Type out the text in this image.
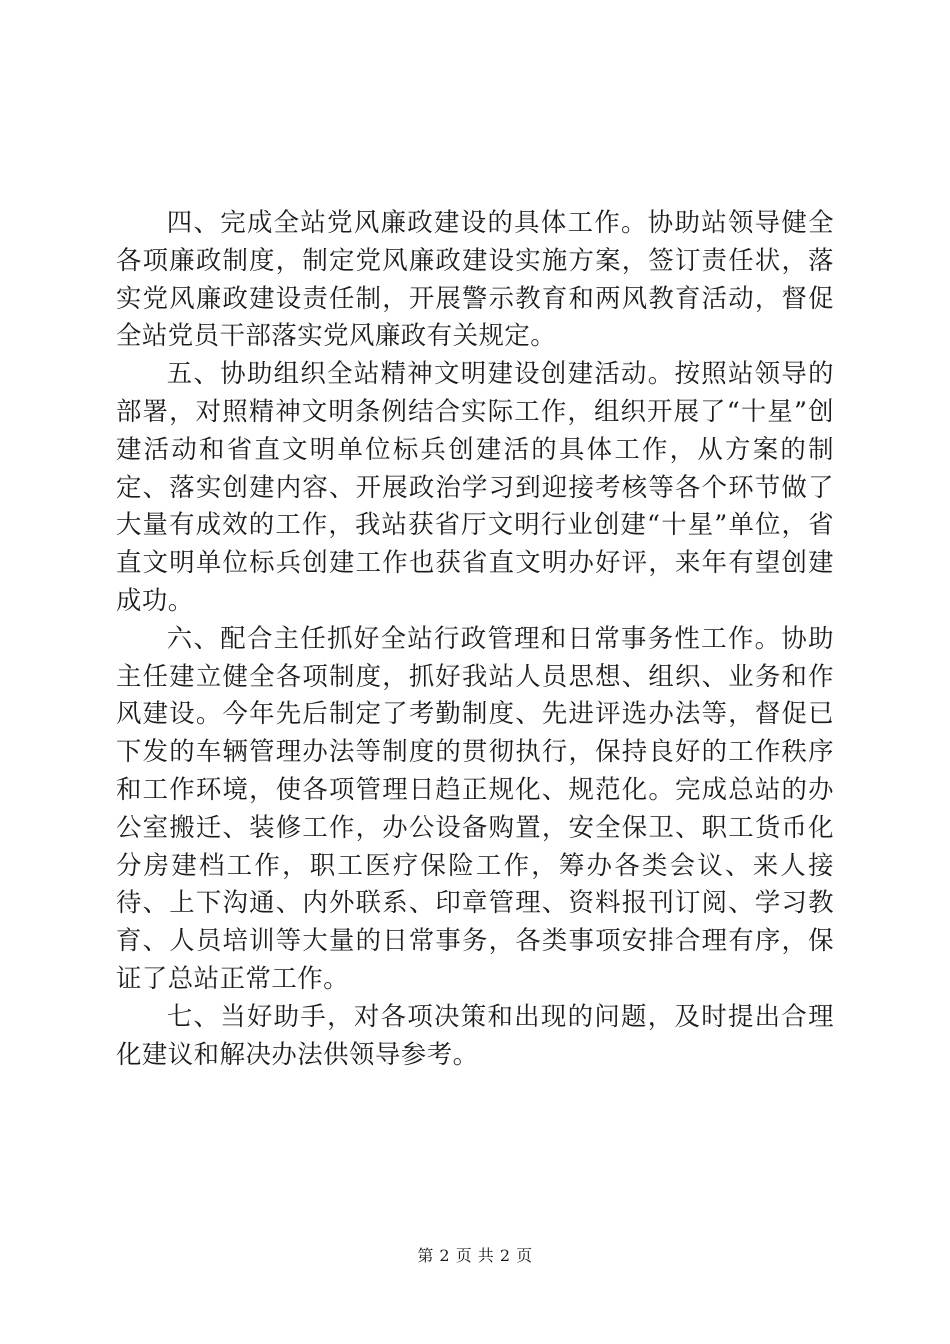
四、完成全站党风廉政建设的具体工作。协助站领导健全各项廉政制度，制定党风廉政建设实施方案，签订责任状，落实党风廉政建设责任制，开展警示教育和两风教育活动，督促全站党员干部落实党风廉政有关规定。

五、协助组织全站精神文明建设创建活动。按照站领导的部署，对照精神文明条例结合实际工作，组织开展了“十星”创建活动和省直文明单位标兵创建活的具体工作，从方案的制定、落实创建内容、开展政治学习到迎接考核等各个环节做了大量有成效的工作，我站获省厅文明行业创建“十星”单位，省直文明单位标兵创建工作也获省直文明办好评，来年有望创建成功。

六、配合主任抓好全站行政管理和日常事务性工作。协助主任建立健全各项制度，抓好我站人员思想、组织、业务和作风建设。今年先后制定了考勤制度、先进评选办法等，督促已下发的车辆管理办法等制度的贯彻执行，保持良好的工作秩序和工作环境，使各项管理日趋正规化、规范化。完成总站的办公室搬迁、装修工作，办公设备购置，安全保卫、职工货币化分房建档工作，职工医疗保险工作，筹办各类会议、来人接待、上下沟通、内外联系、印章管理、资料报刊订阅、学习教育、人员培训等大量的日常事务，各类事项安排合理有序，保证了总站正常工作。

七、当好助手，对各项决策和出现的问题，及时提出合理化建议和解决办法供领导参考。

第 2 页 共 2 页
